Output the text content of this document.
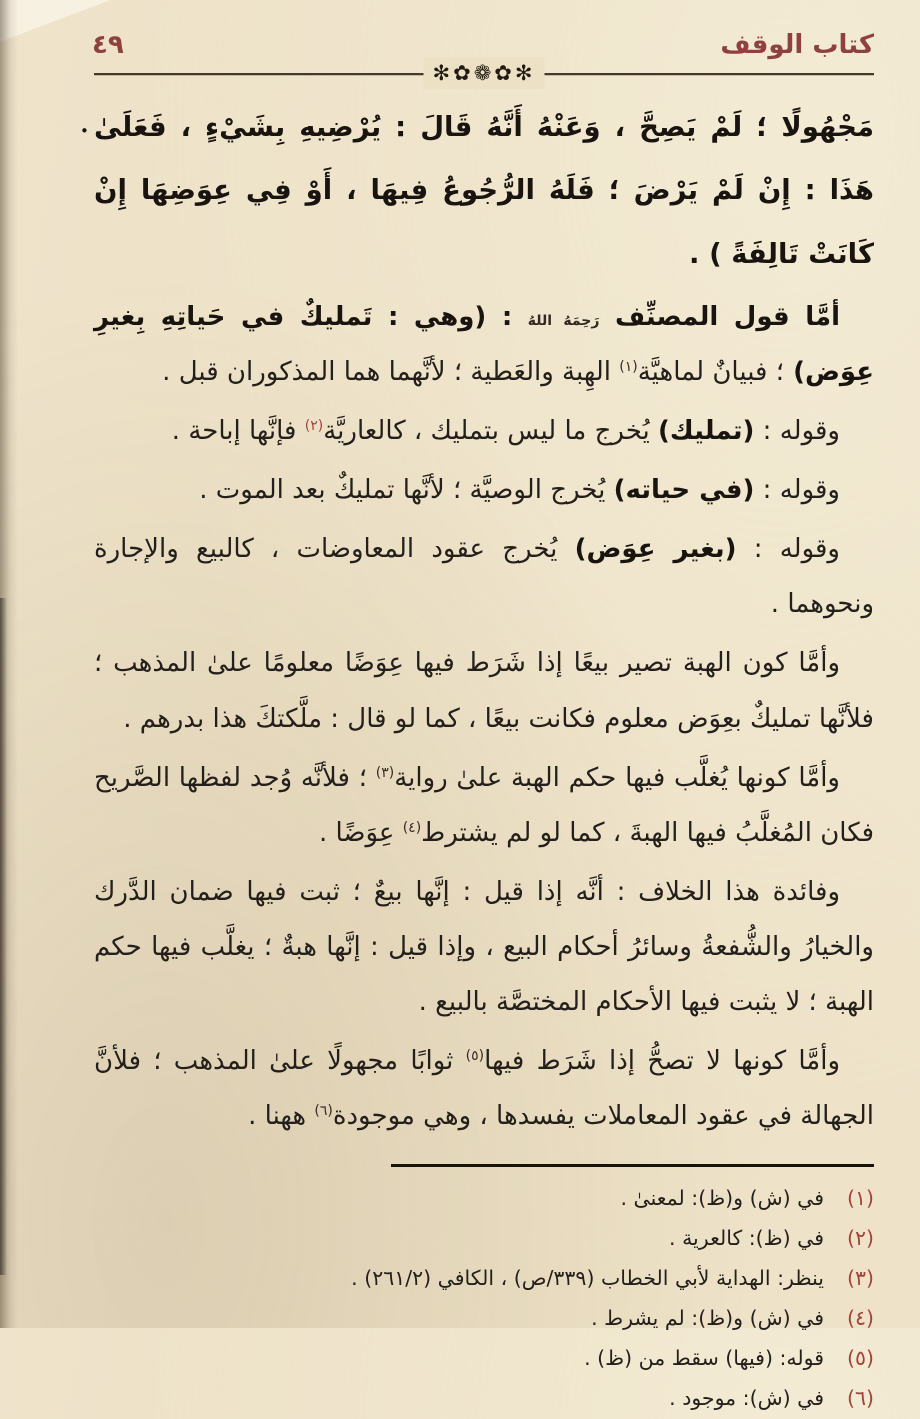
كتاب الوقف
٤٩
✻✿❁✿✻
• مَجْهُولًا ؛ لَمْ يَصِحَّ ، وَعَنْهُ أَنَّهُ قَالَ : يُرْضِيهِ بِشَيْءٍ ، فَعَلَىٰ هَذَا : إِنْ لَمْ يَرْضَ ؛ فَلَهُ الرُّجُوعُ فِيهَا ، أَوْ فِي عِوَضِهَا إِنْ كَانَتْ تَالِفَةً ) .

أمَّا قول المصنِّف رَحِمَهُ اللهُ : (وهي : تَمليكٌ في حَياتِهِ بِغيرِ عِوَض) ؛ فبيانٌ لماهيَّة$^{(١)}$ الهِبة والعَطية ؛ لأنَّهما هما المذكوران قبل .

وقوله : (تمليك) يُخرج ما ليس بتمليك ، كالعاريَّة$^{(٢)}$ فإنَّها إباحة .

وقوله : (في حياته) يُخرج الوصيَّة ؛ لأنَّها تمليكٌ بعد الموت .

وقوله : (بغير عِوَض) يُخرج عقود المعاوضات ، كالبيع والإجارة ونحوهما .

وأمَّا كون الهبة تصير بيعًا إذا شَرَط فيها عِوَضًا معلومًا علىٰ المذهب ؛ فلأنَّها تمليكٌ بعِوَض معلوم فكانت بيعًا ، كما لو قال : ملَّكتكَ هذا بدرهم .

وأمَّا كونها يُغلَّب فيها حكم الهبة علىٰ رواية$^{(٣)}$ ؛ فلأنَّه وُجد لفظها الصَّريح فكان المُغلَّبُ فيها الهبةَ ، كما لو لم يشترط$^{(٤)}$ عِوَضًا .

وفائدة هذا الخلاف : أنَّه إذا قيل : إنَّها بيعٌ ؛ ثبت فيها ضمان الدَّرك والخيارُ والشُّفعةُ وسائرُ أحكام البيع ، وإذا قيل : إنَّها هبةٌ ؛ يغلَّب فيها حكم الهبة ؛ لا يثبت فيها الأحكام المختصَّة بالبيع .

وأمَّا كونها لا تصحُّ إذا شَرَط فيها$^{(٥)}$ ثوابًا مجهولًا علىٰ المذهب ؛ فلأنَّ الجهالة في عقود المعاملات يفسدها ، وهي موجودة$^{(٦)}$ ههنا .

(١)
في (ش) و(ظ): لمعنىٰ .
(٢)
في (ظ): كالعرية .
(٣)
ينظر: الهداية لأبي الخطاب (‭ص/٣٣٩‬) ، الكافي (٢٦١/٢) .
(٤)
في (ش) و(ظ): لم يشرط .
(٥)
قوله: (فيها) سقط من (ظ) .
(٦)
في (ش): موجود .
